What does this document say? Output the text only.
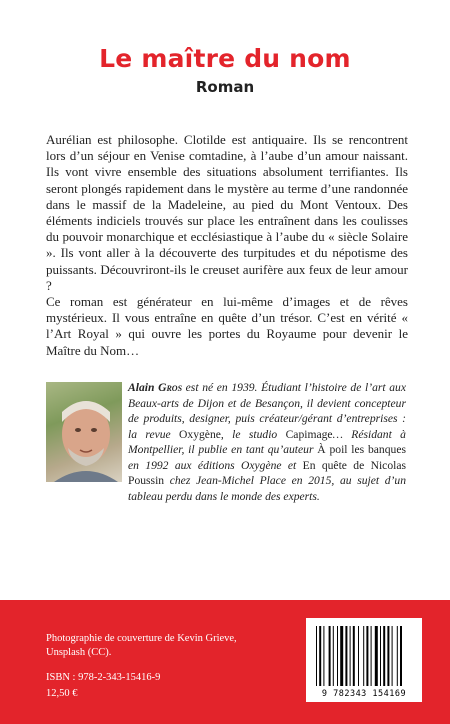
Le maître du nom
Roman

Aurélian est philosophe. Clotilde est antiquaire. Ils se rencontrent lors d’un séjour en Venise comtadine, à l’aube d’un amour naissant. Ils vont vivre ensemble des situations absolument terrifiantes. Ils seront plongés rapidement dans le mystère au terme d’une randonnée dans le massif de la Madeleine, au pied du Mont Ventoux. Des éléments indiciels trouvés sur place les entraînent dans les coulisses du pouvoir monarchique et ecclésiastique à l’aube du « siècle Solaire ». Ils vont aller à la découverte des turpitudes et du népotisme des puissants. Découvriront-ils le creuset aurifère aux feux de leur amour ?

Ce roman est générateur en lui-même d’images et de rêves mystérieux. Il vous entraîne en quête d’un trésor. C’est en vérité « l’Art Royal » qui ouvre les portes du Royaume pour devenir le Maître du Nom…

Alain Gros est né en 1939. Étudiant l’histoire de l’art aux Beaux-arts de Dijon et de Besançon, il devient concepteur de produits, designer, puis créateur/gérant d’entreprises : la revue Oxygène, le studio Capimage… Résidant à Montpellier, il publie en tant qu’auteur À poil les banques en 1992 aux éditions Oxygène et En quête de Nicolas Poussin chez Jean-Michel Place en 2015, au sujet d’un tableau perdu dans le monde des experts.

Photographie de couverture de Kevin Grieve, Unsplash (CC).

ISBN : 978-2-343-15416-9
12,50 €	9 782343 154169
